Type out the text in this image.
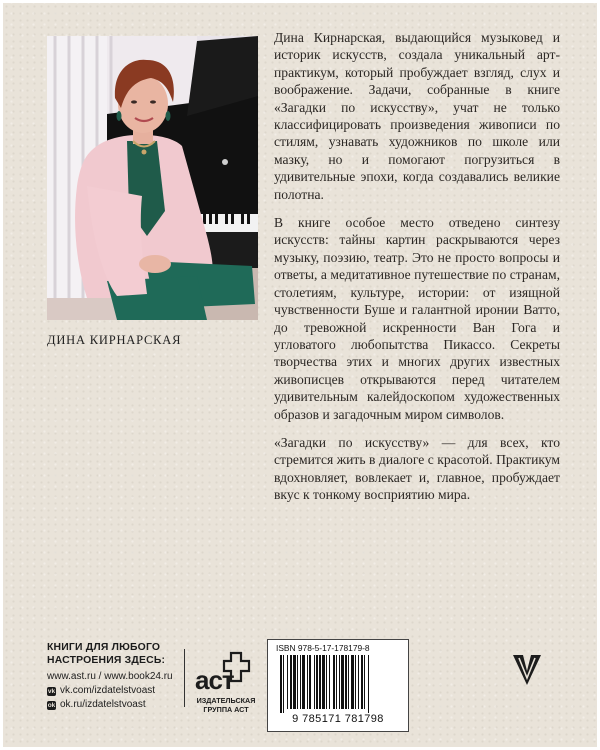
ДИНА КИРНАРСКАЯ

Дина Кирнарская, выдающийся музыковед и историк искусств, создала уникальный арт-практикум, который пробуждает взгляд, слух и воображение. Задачи, собранные в книге «Загадки по искусству», учат не только классифицировать произведения живописи по стилям, узнавать художников по школе или мазку, но и помогают погрузиться в удивительные эпохи, когда создавались великие полотна.

В книге особое место отведено синтезу искусств: тайны картин раскрываются через музыку, поэзию, театр. Это не просто вопросы и ответы, а медитативное путешествие по странам, столетиям, культуре, истории: от изящной чувственности Буше и галантной иронии Ватто, до тревожной искренности Ван Гога и угловатого любопытства Пикассо. Секреты творчества этих и многих других известных живописцев открываются перед читателем удивительным калейдоскопом художественных образов и загадочным миром символов.

«Загадки по искусству» — для всех, кто стремится жить в диалоге с красотой. Практикум вдохновляет, вовлекает и, главное, пробуждает вкус к тонкому восприятию мира.

КНИГИ ДЛЯ ЛЮБОГО
НАСТРОЕНИЯ ЗДЕСЬ:
www.ast.ru / www.book24.ru
vk vk.com/izdatelstvoast
ok ok.ru/izdatelstvoast
аст
ИЗДАТЕЛЬСКАЯ
ГРУППА АСТ
ISBN 978-5-17-178179-8
9 785171 781798
